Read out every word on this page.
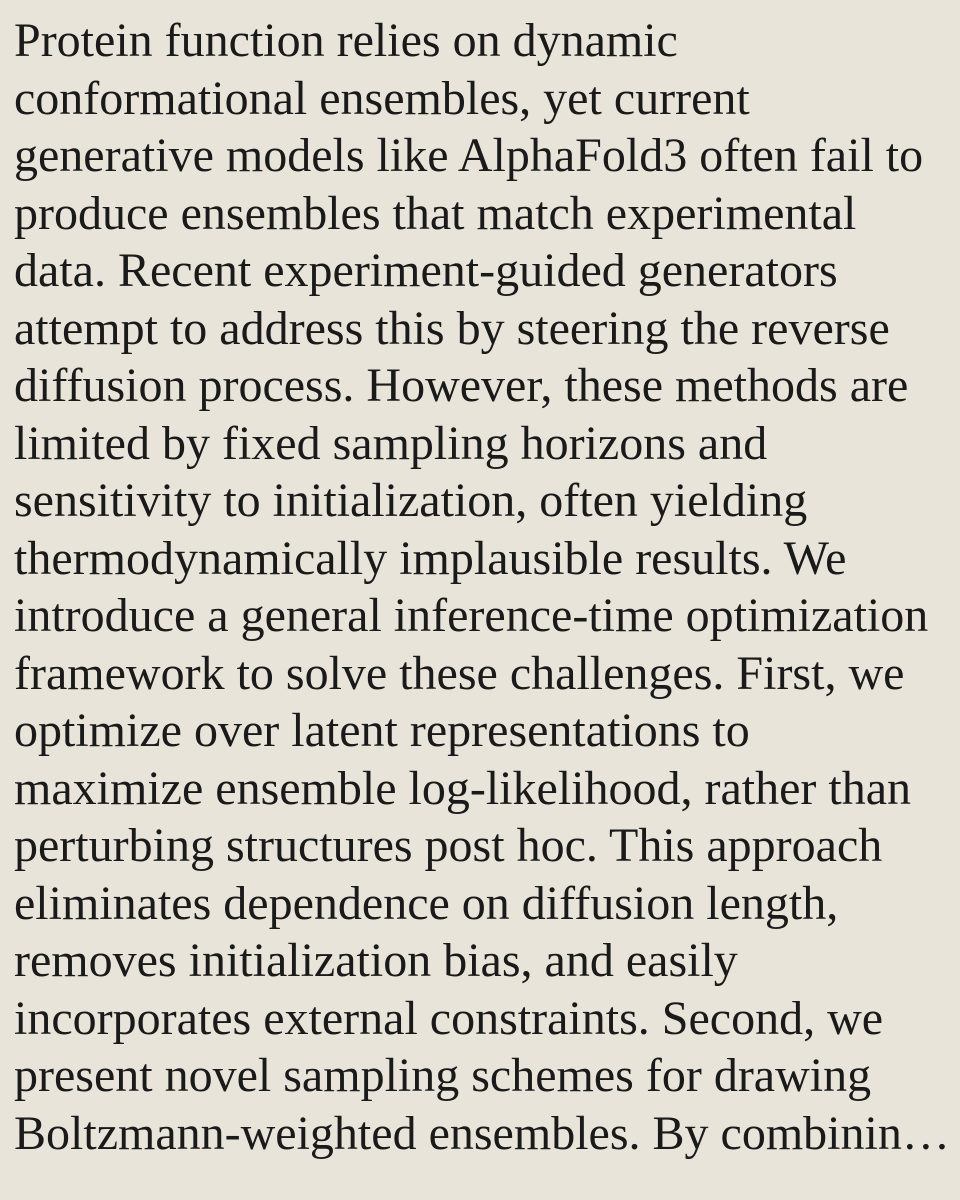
Protein function relies on dynamic
conformational ensembles, yet current
generative models like AlphaFold3 often fail to
produce ensembles that match experimental
data. Recent experiment-guided generators
attempt to address this by steering the reverse
diffusion process. However, these methods are
limited by fixed sampling horizons and
sensitivity to initialization, often yielding
thermodynamically implausible results. We
introduce a general inference-time optimization
framework to solve these challenges. First, we
optimize over latent representations to
maximize ensemble log-likelihood, rather than
perturbing structures post hoc. This approach
eliminates dependence on diffusion length,
removes initialization bias, and easily
incorporates external constraints. Second, we
present novel sampling schemes for drawing
Boltzmann-weighted ensembles. By combinin…
